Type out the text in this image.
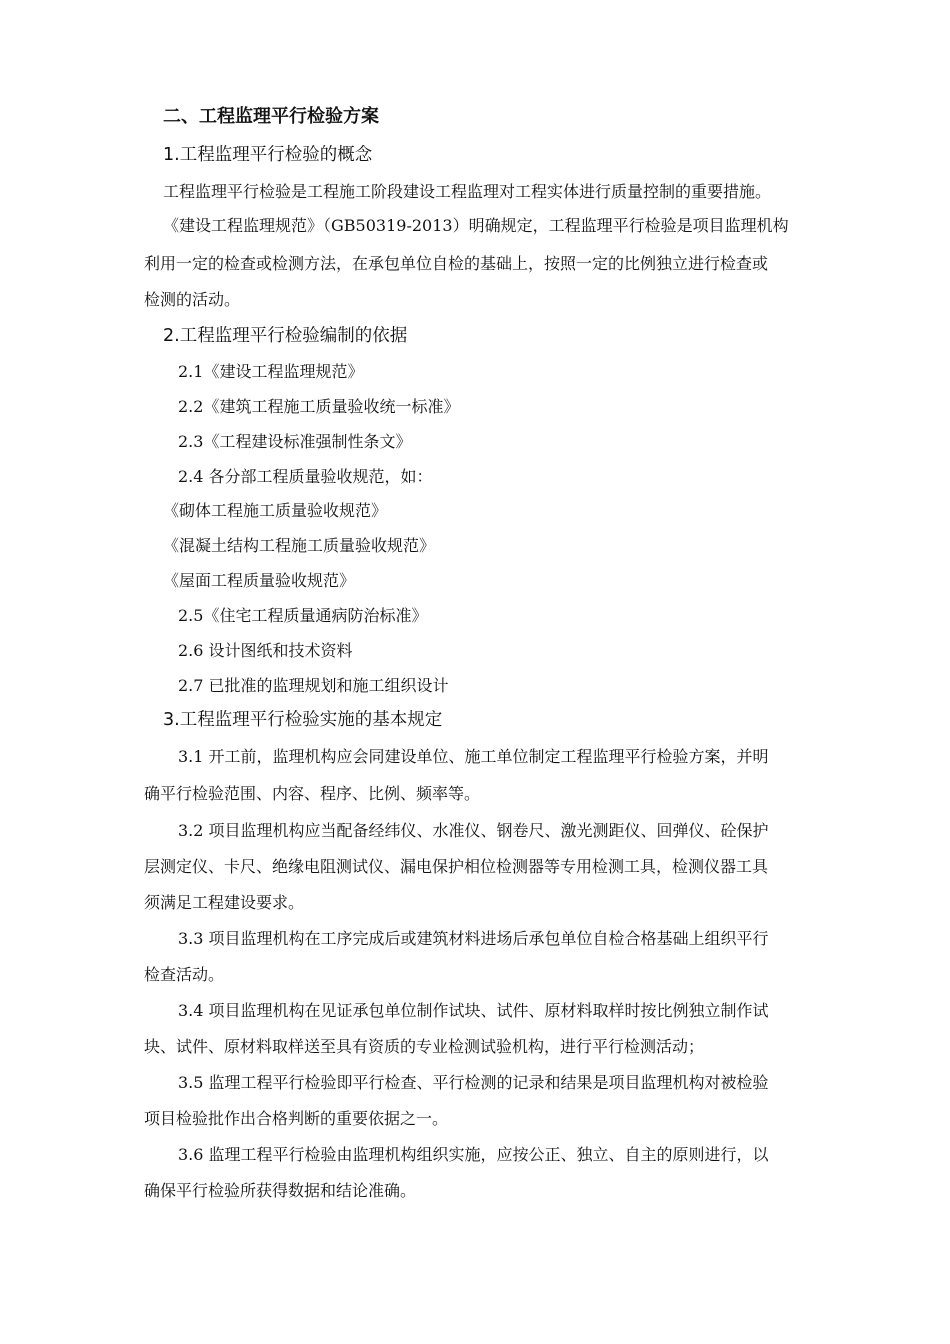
二、工程监理平行检验方案
1.工程监理平行检验的概念
工程监理平行检验是工程施工阶段建设工程监理对工程实体进行质量控制的重要措施。
《建设工程监理规范》（GB50319-2013）明确规定，工程监理平行检验是项目监理机构
利用一定的检查或检测方法，在承包单位自检的基础上，按照一定的比例独立进行检查或
检测的活动。
2.工程监理平行检验编制的依据
2.1《建设工程监理规范》
2.2《建筑工程施工质量验收统一标准》
2.3《工程建设标准强制性条文》
2.4 各分部工程质量验收规范，如：
《砌体工程施工质量验收规范》
《混凝土结构工程施工质量验收规范》
《屋面工程质量验收规范》
2.5《住宅工程质量通病防治标准》
2.6 设计图纸和技术资料
2.7 已批准的监理规划和施工组织设计
3.工程监理平行检验实施的基本规定
3.1 开工前，监理机构应会同建设单位、施工单位制定工程监理平行检验方案，并明
确平行检验范围、内容、程序、比例、频率等。
3.2 项目监理机构应当配备经纬仪、水准仪、钢卷尺、激光测距仪、回弹仪、砼保护
层测定仪、卡尺、绝缘电阻测试仪、漏电保护相位检测器等专用检测工具，检测仪器工具
须满足工程建设要求。
3.3 项目监理机构在工序完成后或建筑材料进场后承包单位自检合格基础上组织平行
检查活动。
3.4 项目监理机构在见证承包单位制作试块、试件、原材料取样时按比例独立制作试
块、试件、原材料取样送至具有资质的专业检测试验机构，进行平行检测活动；
3.5 监理工程平行检验即平行检查、平行检测的记录和结果是项目监理机构对被检验
项目检验批作出合格判断的重要依据之一。
3.6 监理工程平行检验由监理机构组织实施，应按公正、独立、自主的原则进行，以
确保平行检验所获得数据和结论准确。
